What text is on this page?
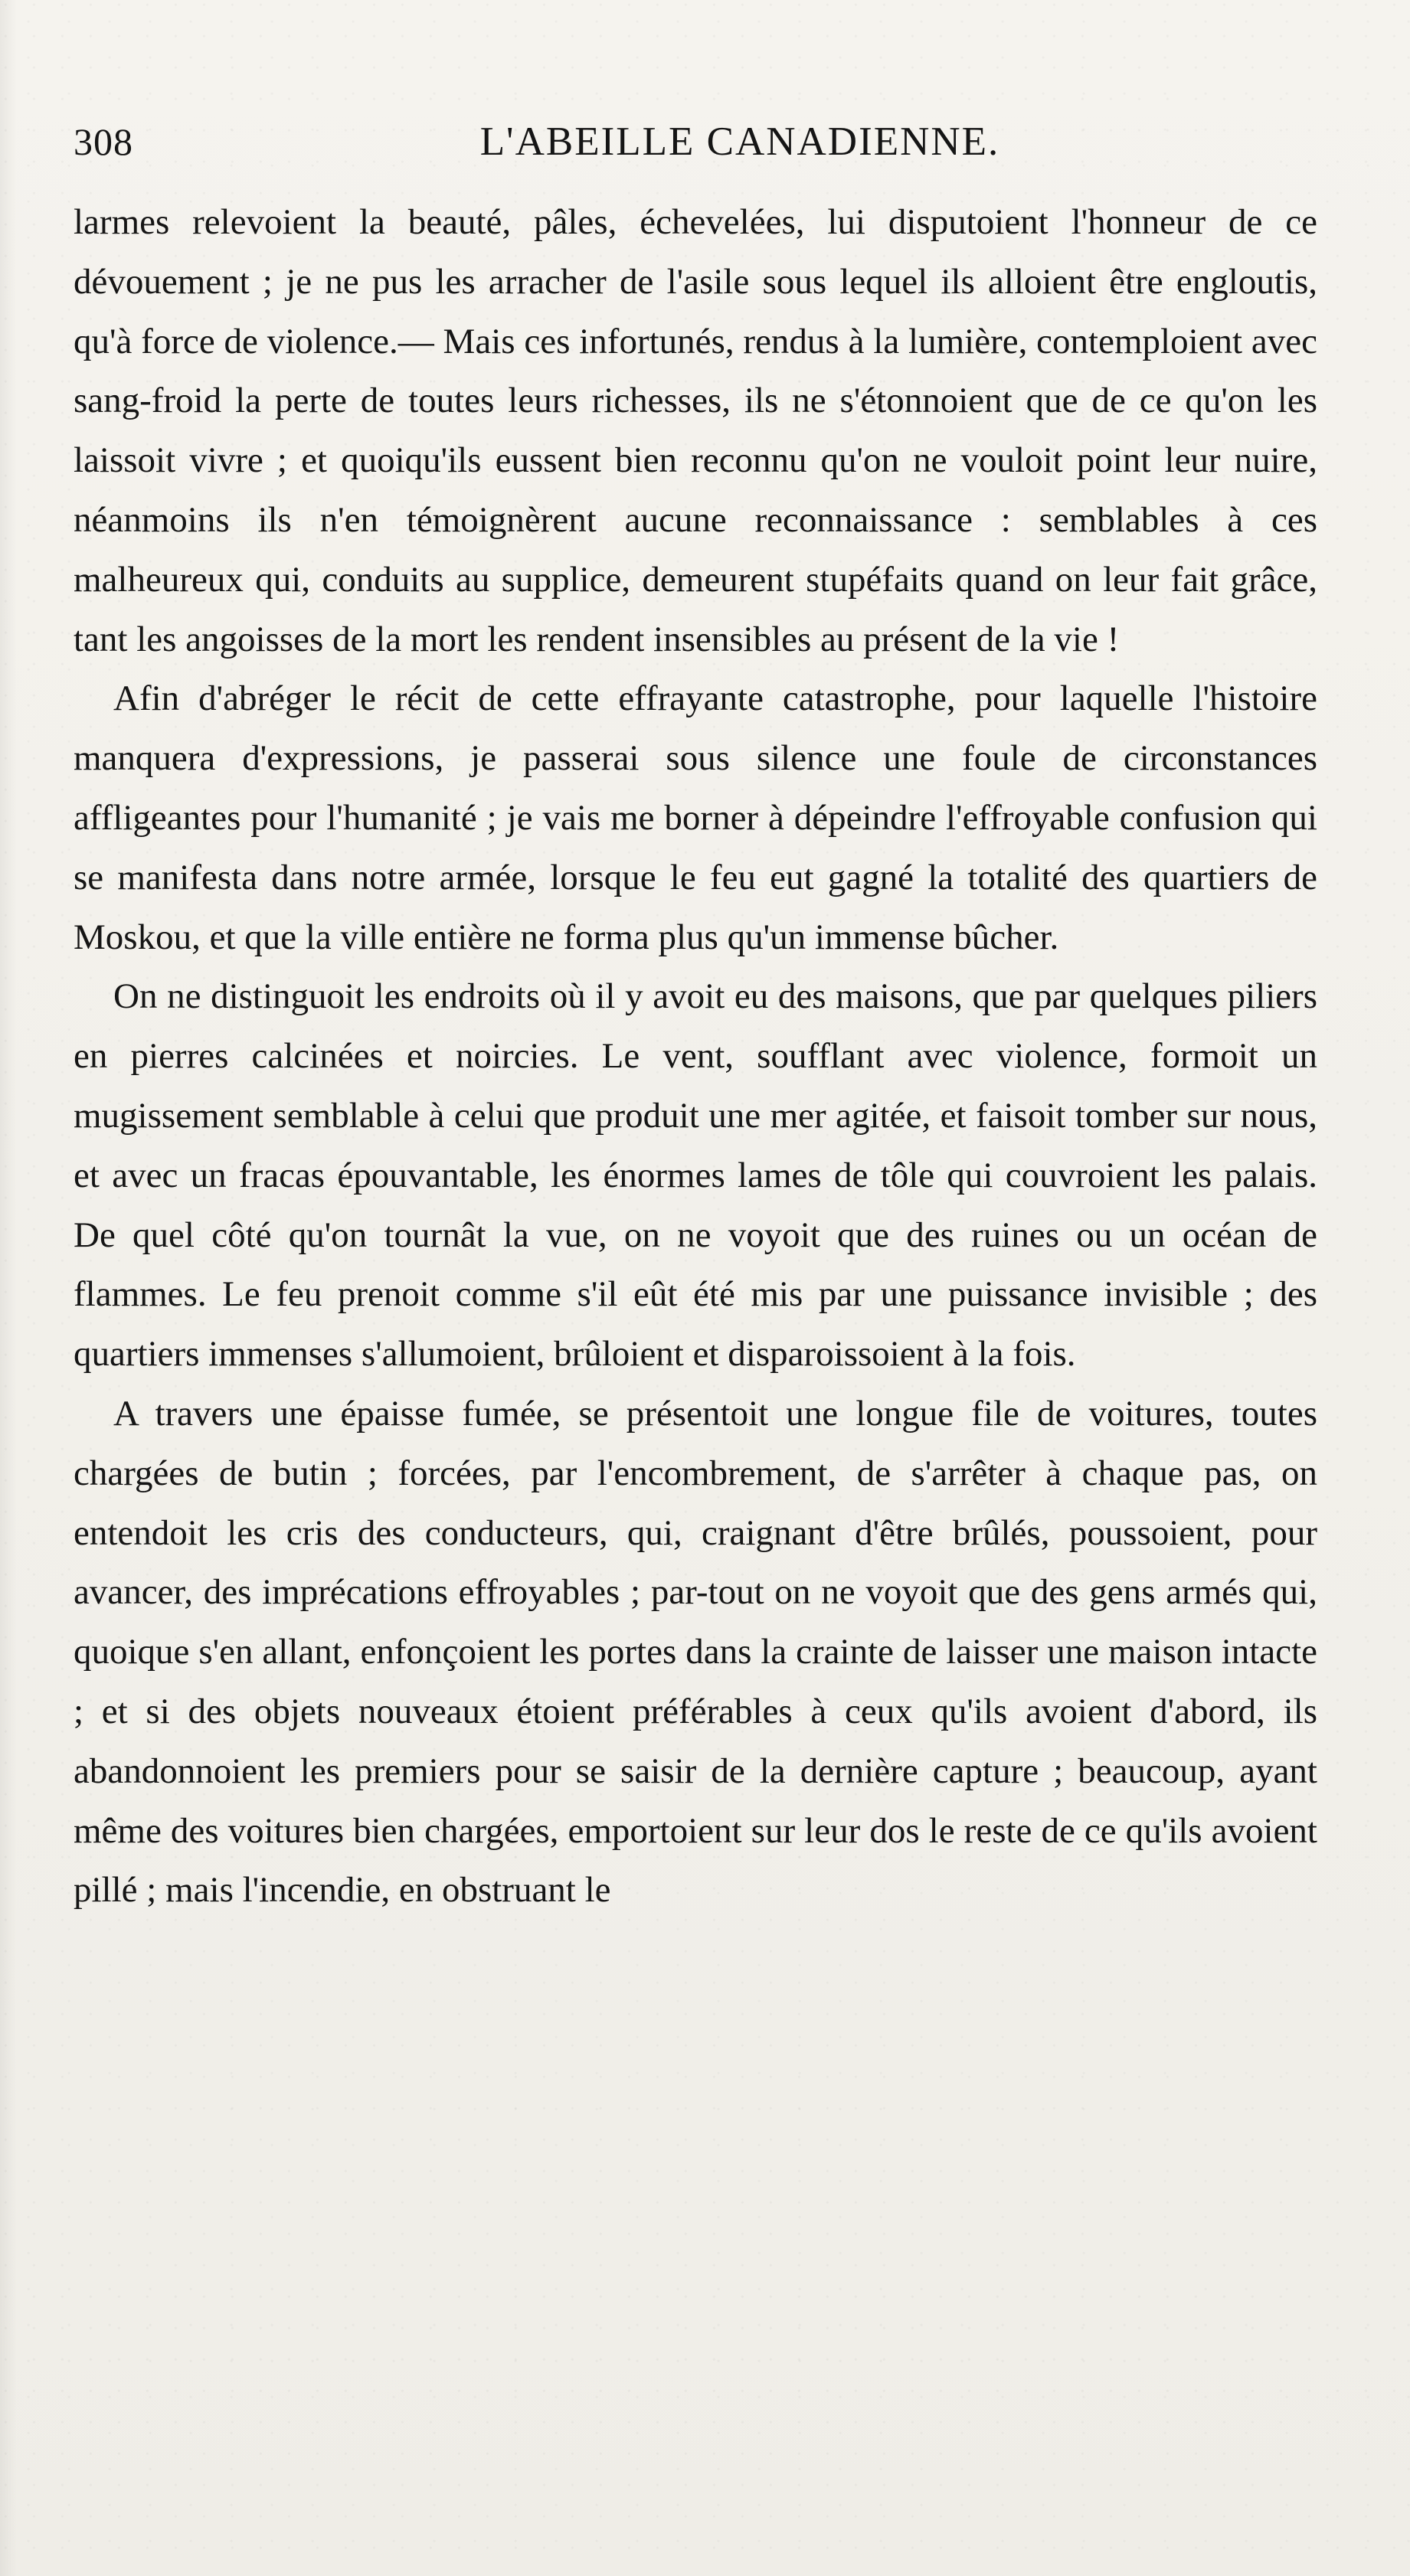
308	L'ABEILLE CANADIENNE.

larmes relevoient la beauté, pâles, échevelées, lui disputoient l'honneur de ce dévouement ; je ne pus les arracher de l'asile sous lequel ils alloient être engloutis, qu'à force de violence.— Mais ces infortunés, rendus à la lumière, contemploient avec sang-froid la perte de toutes leurs richesses, ils ne s'étonnoient que de ce qu'on les laissoit vivre ; et quoiqu'ils eussent bien reconnu qu'on ne vouloit point leur nuire, néanmoins ils n'en témoignèrent aucune reconnaissance : semblables à ces malheureux qui, conduits au supplice, demeurent stupéfaits quand on leur fait grâce, tant les angoisses de la mort les rendent insensibles au présent de la vie !

Afin d'abréger le récit de cette effrayante catastrophe, pour laquelle l'histoire manquera d'expressions, je passerai sous silence une foule de circonstances affligeantes pour l'humanité ; je vais me borner à dépeindre l'effroyable confusion qui se manifesta dans notre armée, lorsque le feu eut gagné la totalité des quartiers de Moskou, et que la ville entière ne forma plus qu'un immense bûcher.

On ne distinguoit les endroits où il y avoit eu des maisons, que par quelques piliers en pierres calcinées et noircies. Le vent, soufflant avec violence, formoit un mugissement semblable à celui que produit une mer agitée, et faisoit tomber sur nous, et avec un fracas épouvantable, les énormes lames de tôle qui couvroient les palais. De quel côté qu'on tournât la vue, on ne voyoit que des ruines ou un océan de flammes. Le feu prenoit comme s'il eût été mis par une puissance invisible ; des quartiers immenses s'allumoient, brûloient et disparoissoient à la fois.

A travers une épaisse fumée, se présentoit une longue file de voitures, toutes chargées de butin ; forcées, par l'encombrement, de s'arrêter à chaque pas, on entendoit les cris des conducteurs, qui, craignant d'être brûlés, poussoient, pour avancer, des imprécations effroyables ; par-tout on ne voyoit que des gens armés qui, quoique s'en allant, enfonçoient les portes dans la crainte de laisser une maison intacte ; et si des objets nouveaux étoient préférables à ceux qu'ils avoient d'abord, ils abandonnoient les premiers pour se saisir de la dernière capture ; beaucoup, ayant même des voitures bien chargées, emportoient sur leur dos le reste de ce qu'ils avoient pillé ; mais l'incendie, en obstruant le
